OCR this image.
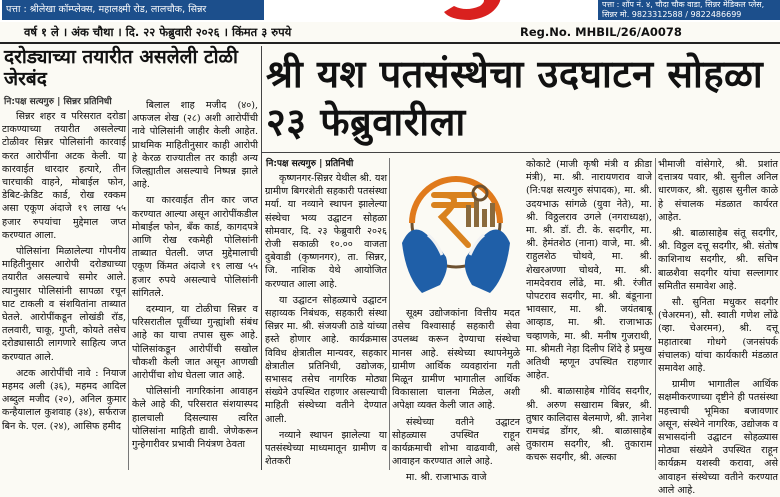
पत्ता : श्रीलेखा कॉम्प्लेक्स, महालक्ष्मी रोड, लालचौक, सिन्नर	पत्ता : शॉप नं. ४, चौदा चौक वाडा, सिन्नर मेडिकल प्लेस,
सिन्नर मो. 9823312588 / 9822486699
3
वर्ष १ ले । अंक चौथा । दि. २२ फेब्रुवारी २०२६ । किंमत ३ रुपये	Reg.No. MHBIL/26/A0078
दरोड्याच्या तयारीत असलेली टोळी जेरबंद
नि:पक्ष सत्यगुरु | सिन्नर प्रतिनिधी

सिन्नर शहर व परिसरात दरोडा टाकण्याच्या तयारीत असलेल्या टोळीवर सिन्नर पोलिसांनी कारवाई करत आरोपींना अटक केली. या कारवाईत धारदार हत्यारे, तीन चारचाकी वाहने, मोबाईल फोन, डेबिट-क्रेडिट कार्ड, रोख रक्कम असा एकूण अंदाजे १९ लाख ५५ हजार रुपयांचा मुद्देमाल जप्त करण्यात आला.

पोलिसांना मिळालेल्या गोपनीय माहितीनुसार आरोपी दरोड्याच्या तयारीत असल्याचे समोर आले. त्यानुसार पोलिसांनी सापळा रचून घाट टाकली व संशयितांना ताब्यात घेतले. आरोपींकडून लोखंडी रॉड, तलवारी, चाकू, गुप्ती, कोयते तसेच दरोड्यासाठी लागणारे साहित्य जप्त करण्यात आले.

अटक आरोपींची नावे : नियाज महमद अली (३६), महमद आदिल अब्दुल मजीद (२०), अनिल कुमार कन्हैयालाल कुशवाह (३४), सर्फराज बिन के. एल. (२४), आसिफ हमीद

बिलाल शाह मजीद (४०), अफजल शेख (२८) अशी आरोपींची नावे पोलिसांनी जाहीर केली आहेत. प्राथमिक माहितीनुसार काही आरोपी हे केरळ राज्यातील तर काही अन्य जिल्ह्यातील असल्याचे निष्पन्न झाले आहे.

या कारवाईत तीन कार जप्त करण्यात आल्या असून आरोपींकडील मोबाईल फोन, बँक कार्ड, कागदपत्रे आणि रोख रकमेही पोलिसांनी ताब्यात घेतली. जप्त मुद्देमालाची एकूण किंमत अंदाजे १९ लाख ५५ हजार रुपये असल्याचे पोलिसांनी सांगितले.

दरम्यान, या टोळीचा सिन्नर व परिसरातील पूर्वीच्या गुन्ह्यांशी संबंध आहे का याचा तपास सुरू आहे. पोलिसांकडून आरोपींची सखोल चौकशी केली जात असून आणखी आरोपींचा शोध घेतला जात आहे.

पोलिसांनी नागरिकांना आवाहन केले आहे की, परिसरात संशयास्पद हालचाली दिसल्यास त्वरित पोलिसांना माहिती द्यावी. जेणेकरून गुन्हेगारीवर प्रभावी नियंत्रण ठेवता

श्री यश पतसंस्थेचा उदघाटन सोहळा २३ फेब्रुवारीला
नि:पक्ष सत्यगुरु | प्रतिनिधी

कृष्णनगर-सिन्नर येथील श्री. यश ग्रामीण बिगरशेती सहकारी पतसंस्था मर्या. या नव्याने स्थापन झालेल्या संस्थेचा भव्य उद्घाटन सोहळा सोमवार, दि. २३ फेब्रुवारी २०२६ रोजी सकाळी १०.०० वाजता दुबेवाडी (कृष्णनगर), ता. सिन्नर, जि. नाशिक येथे आयोजित करण्यात आला आहे.

या उद्घाटन सोहळ्याचे उद्घाटन सहाय्यक निबंधक, सहकारी संस्था सिन्नर मा. श्री. संजयजी ठाडे यांच्या हस्ते होणार आहे. कार्यक्रमास विविध क्षेत्रातील मान्यवर, सहकार क्षेत्रातील प्रतिनिधी, उद्योजक, सभासद तसेच नागरिक मोठ्या संख्येने उपस्थित राहणार असल्याची माहिती संस्थेच्या वतीने देण्यात आली.

नव्याने स्थापन झालेल्या या पतसंस्थेच्या माध्यमातून ग्रामीण व शेतकरी

सूक्ष्म उद्योजकांना वित्तीय मदत तसेच विश्वासार्ह सहकारी सेवा उपलब्ध करून देण्याचा संस्थेचा मानस आहे. संस्थेच्या स्थापनेमुळे ग्रामीण आर्थिक व्यवहारांना गती मिळून ग्रामीण भागातील आर्थिक विकासाला चालना मिळेल, अशी अपेक्षा व्यक्त केली जात आहे.

संस्थेच्या वतीने उद्घाटन सोहळ्यास उपस्थित राहून कार्यक्रमाची शोभा वाढवावी, असे आवाहन करण्यात आले आहे.

मा. श्री. राजाभाऊ वाजे

कोकाटे (माजी कृषी मंत्री व क्रीडा मंत्री), मा. श्री. नारायणराव वाजे (नि:पक्ष सत्यगुरु संपादक), मा. श्री. उदयभाऊ सांगळे (युवा नेते), मा. श्री. विठ्ठलराव उगले (नगराध्यक्ष), मा. श्री. डॉ. टी. के. सदगीर, मा. श्री. हेमंतशेठ (नाना) वाजे, मा. श्री. राहुलशेठ चोथवे, मा. श्री. शेखरअण्णा चोथवे, मा. श्री. नामदेवराव लोंढे, मा. श्री. रंजीत पोपटराव सदगीर, मा. श्री. बंडूनाना भावसार, मा. श्री. जयंतबाबू आव्हाड, मा. श्री. राजाभाऊ चव्हाणके, मा. श्री. मनीष गुजराथी, मा. श्रीमती नेहा दिलीप शिंदे हे प्रमुख अतिथी म्हणून उपस्थित राहणार आहेत.

श्री. बाळासाहेब गोविंद सदगीर, श्री. अरुण सखाराम बिन्नर, श्री. तुषार कालिदास बेलमाणे, श्री. ज्ञानेश रामचंद्र डोंगर, श्री. बाळासाहेब तुकाराम सदगीर, श्री. तुकाराम कचरू सदगीर, श्री. अल्का

भीमाजी वांसेगारे, श्री. प्रशांत दत्तात्रय पवार, श्री. सुनील अनिल धारणकर, श्री. सुहास सुनील काळे हे संचालक मंडळात कार्यरत आहेत.

श्री. बाळासाहेब संतू सदगीर, श्री. विठ्ठल दत्तू सदगीर, श्री. संतोष काशिनाथ सदगीर, श्री. सचिन बाळशैवा सदगीर यांचा सल्लागार समितीत समावेश आहे.

सौ. सुनिता मधुकर सदगीर (चेअरमन), सौ. स्वाती गणेश लोंढे (व्हा. चेअरमन), श्री. दत्तू महातारबा गोधगे (जनसंपर्क संचालक) यांचा कार्यकारी मंडळात समावेश आहे.

ग्रामीण भागातील आर्थिक सक्षमीकरणाच्या दृष्टीने ही पतसंस्था महत्त्वाची भूमिका बजावणार असून, संस्थेने नागरिक, उद्योजक व सभासदांनी उद्घाटन सोहळ्यास मोठ्या संख्येने उपस्थित राहून कार्यक्रम यशस्वी करावा, असे आवाहन संस्थेच्या वतीने करण्यात आले आहे.
